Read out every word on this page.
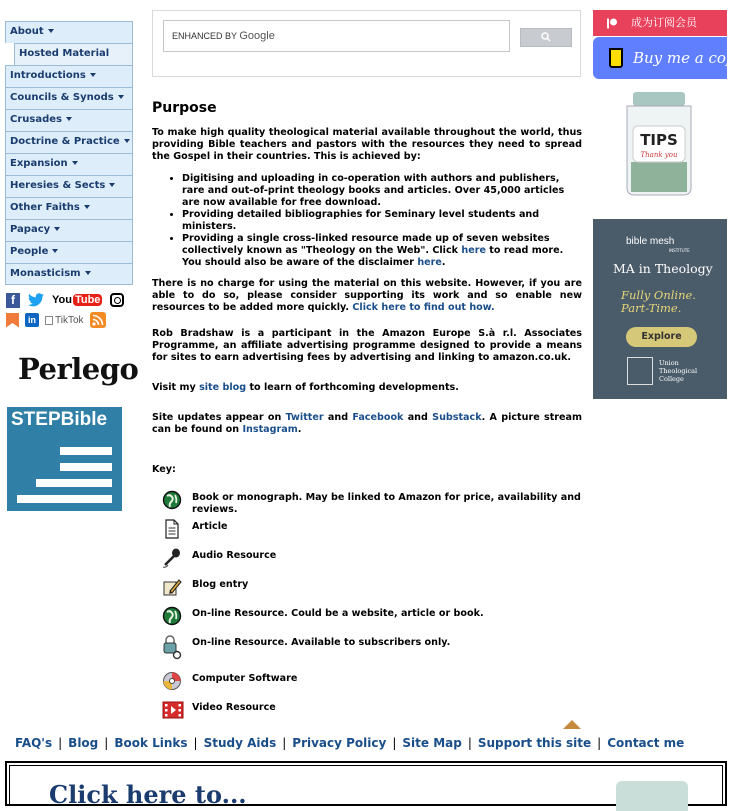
About
Hosted Material
Introductions
Councils & Synods
Crusades
Doctrine & Practice
Expansion
Heresies & Sects
Other Faiths
Papacy
People
Monasticism
f	You Tube
in	TikTok
Perlego
STEPBible
ENHANCED BY Google
Purpose

To make high quality theological material available throughout the world, thus providing Bible teachers and pastors with the resources they need to spread the Gospel in their countries. This is achieved by:

• Digitising and uploading in co-operation with authors and publishers, rare and out-of-print theology books and articles. Over 45,000 articles are now available for free download.
• Providing detailed bibliographies for Seminary level students and ministers.
• Providing a single cross-linked resource made up of seven websites collectively known as "Theology on the Web". Click here to read more. You should also be aware of the disclaimer here.

There is no charge for using the material on this website. However, if you are able to do so, please consider supporting its work and so enable new resources to be added more quickly. Click here to find out how.

Rob Bradshaw is a participant in the Amazon Europe S.à r.l. Associates Programme, an affiliate advertising programme designed to provide a means for sites to earn advertising fees by advertising and linking to amazon.co.uk.

Visit my site blog to learn of forthcoming developments.

Site updates appear on Twitter and Facebook and Substack. A picture stream can be found on Instagram.

Key:
Book or monograph. May be linked to Amazon for price, availability and reviews.
Article
Audio Resource
Blog entry
On-line Resource. Could be a website, article or book.
On-line Resource. Available to subscribers only.
Computer Software
Video Resource
成为订阅会员
Buy me a coffee
TIPS
Thank you
bible mesh
INSTITUTE
MA in Theology
Fully Online.
Part-Time.
Explore
Union
Theological
College
FAQ's | Blog | Book Links | Study Aids | Privacy Policy | Site Map | Support this site | Contact me
Click here to...
